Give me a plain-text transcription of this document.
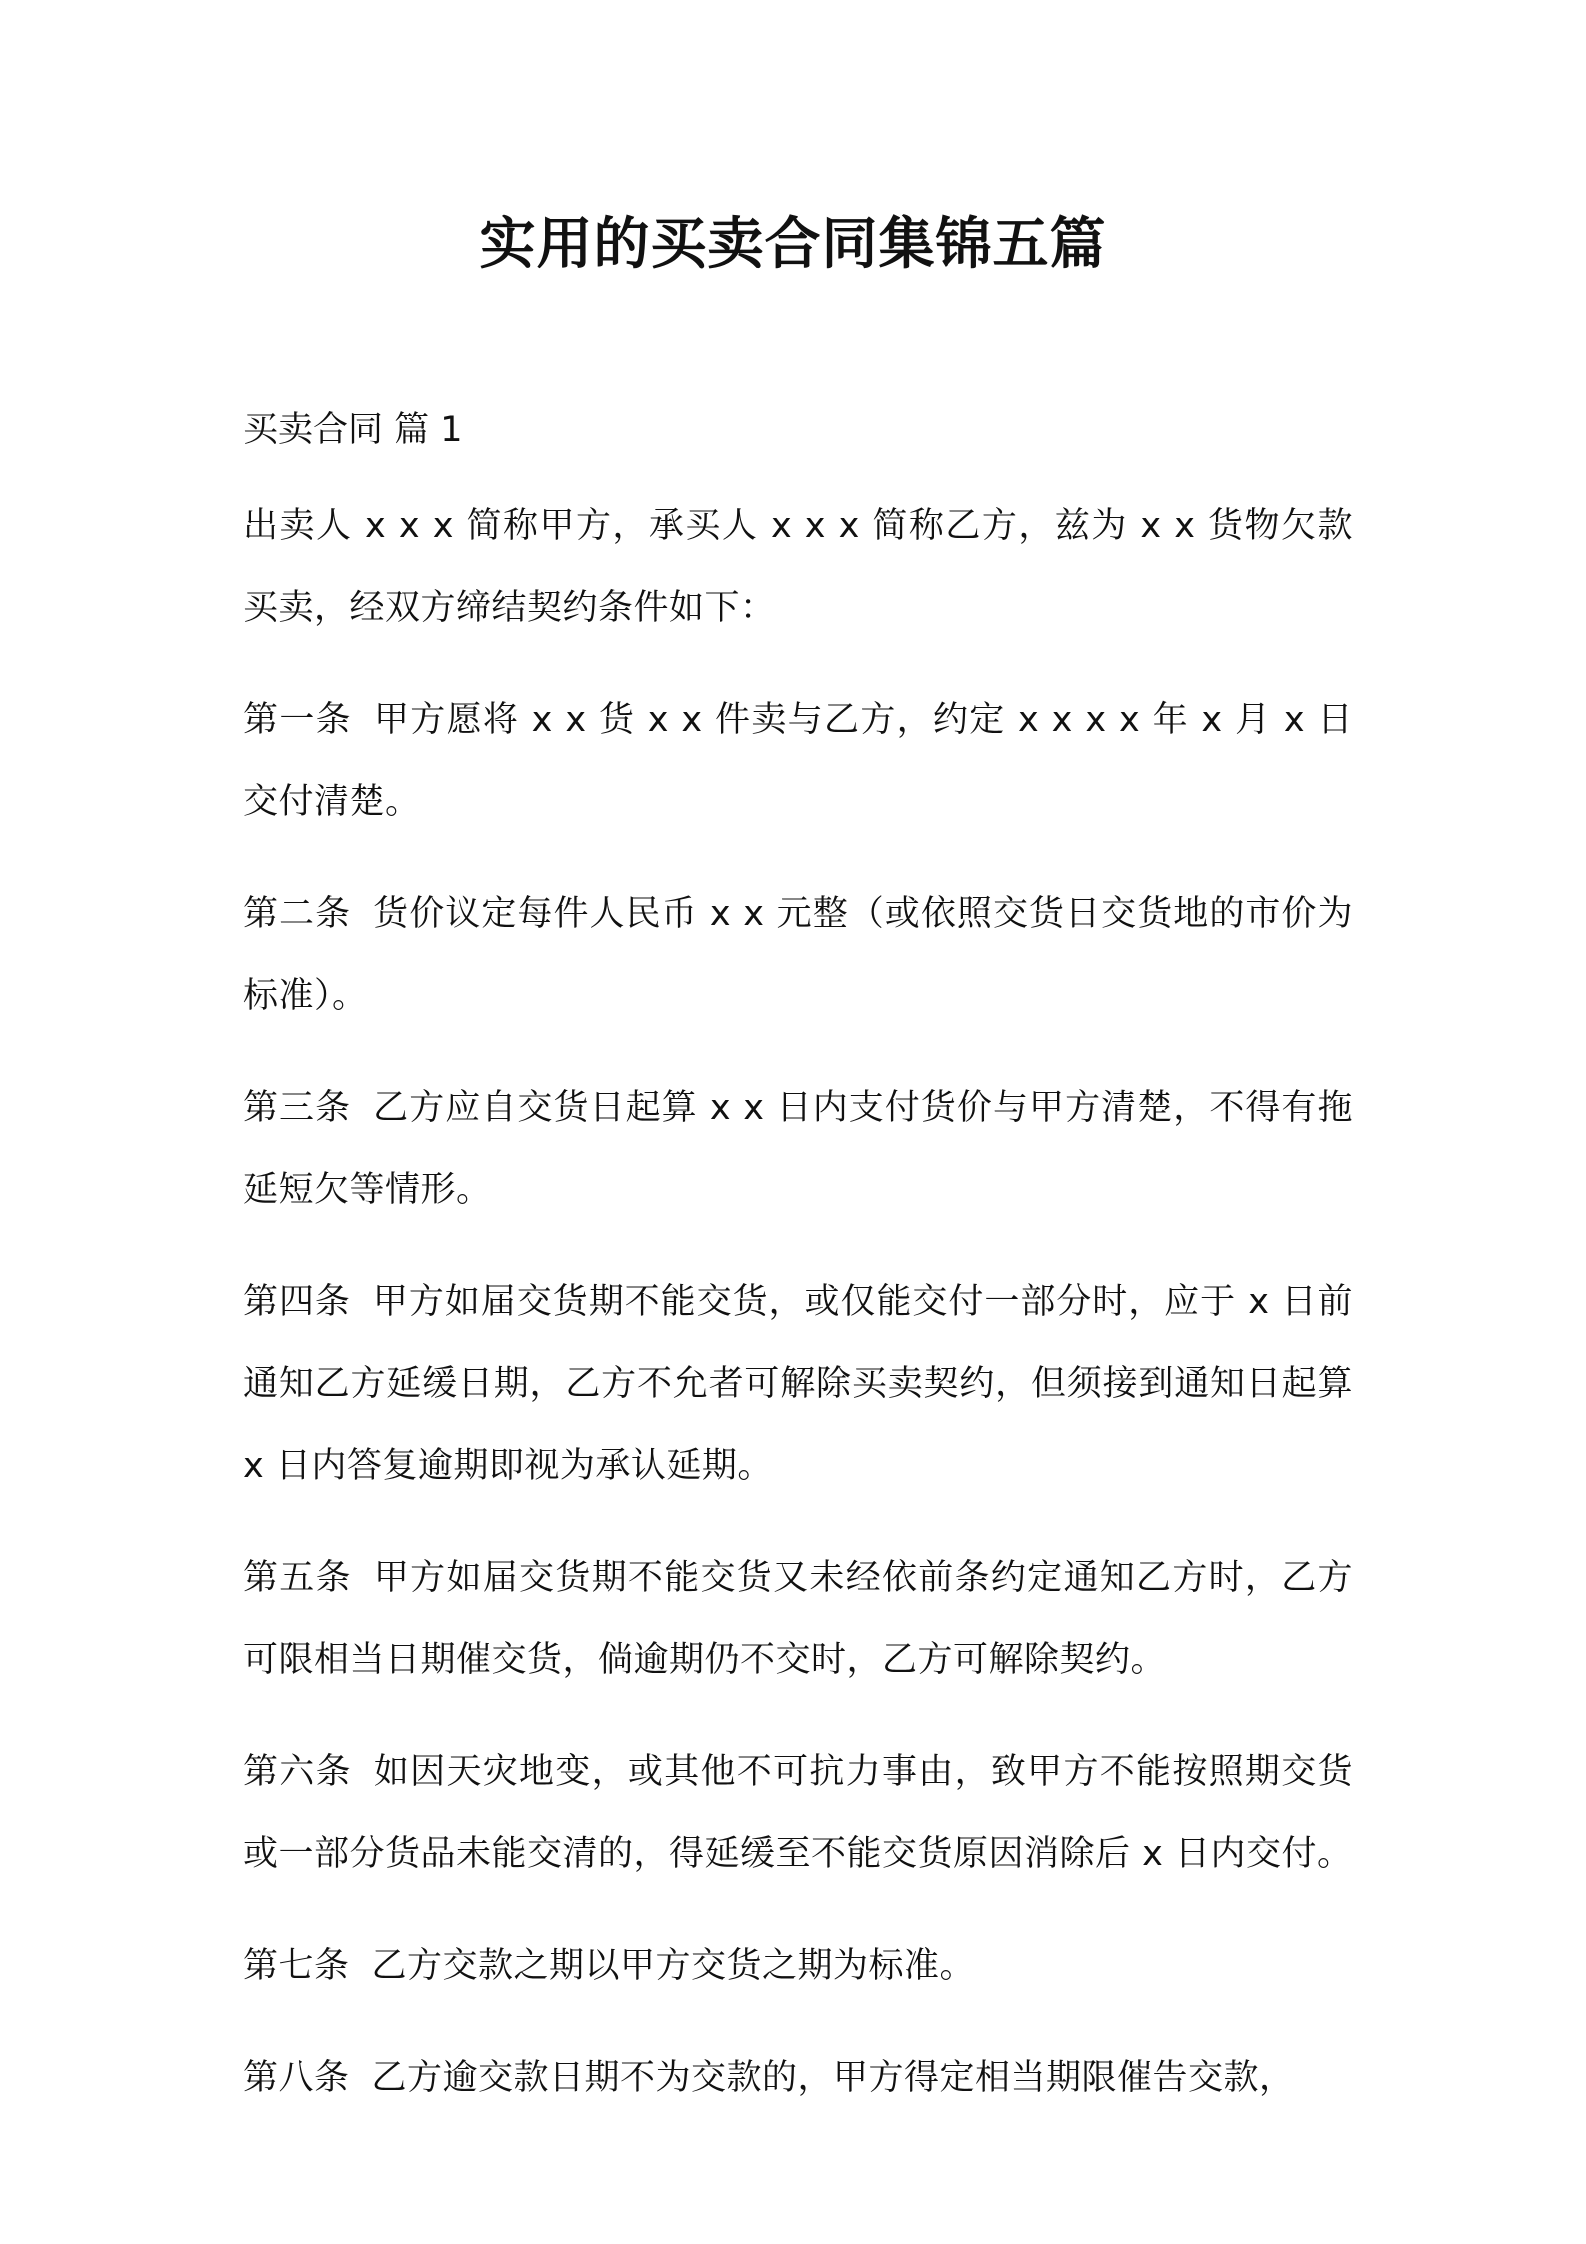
实用的买卖合同集锦五篇
买卖合同 篇 1

出卖人 x x x 简称甲方，承买人 x x x 简称乙方，兹为 x x 货物欠款买卖，经双方缔结契约条件如下：

第一条 甲方愿将 x x 货 x x 件卖与乙方，约定 x x x x 年 x 月 x 日交付清楚。

第二条 货价议定每件人民币 x x 元整（或依照交货日交货地的市价为标准）。

第三条 乙方应自交货日起算 x x 日内支付货价与甲方清楚，不得有拖延短欠等情形。

第四条 甲方如届交货期不能交货，或仅能交付一部分时，应于 x 日前通知乙方延缓日期，乙方不允者可解除买卖契约，但须接到通知日起算 x 日内答复逾期即视为承认延期。

第五条 甲方如届交货期不能交货又未经依前条约定通知乙方时，乙方可限相当日期催交货，倘逾期仍不交时，乙方可解除契约。

第六条 如因天灾地变，或其他不可抗力事由，致甲方不能按照期交货或一部分货品未能交清的，得延缓至不能交货原因消除后 x 日内交付。

第七条 乙方交款之期以甲方交货之期为标准。

第八条 乙方逾交款日期不为交款的，甲方得定相当期限催告交款，
